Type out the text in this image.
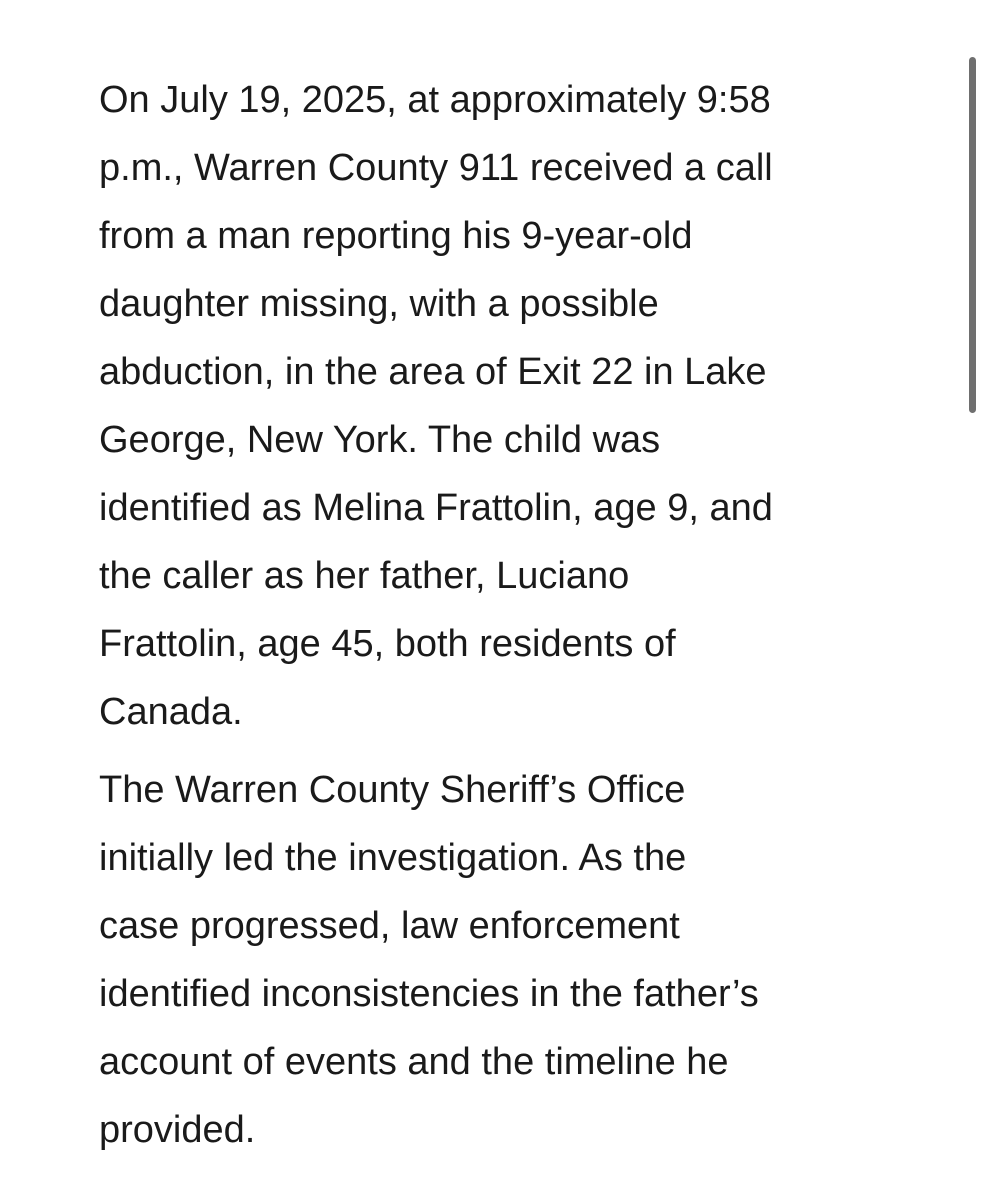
On July 19, 2025, at approximately 9:58
p.m., Warren County 911 received a call
from a man reporting his 9-year-old
daughter missing, with a possible
abduction, in the area of Exit 22 in Lake
George, New York. The child was
identified as Melina Frattolin, age 9, and
the caller as her father, Luciano
Frattolin, age 45, both residents of
Canada.

The Warren County Sheriff’s Office
initially led the investigation. As the
case progressed, law enforcement
identified inconsistencies in the father’s
account of events and the timeline he
provided.
